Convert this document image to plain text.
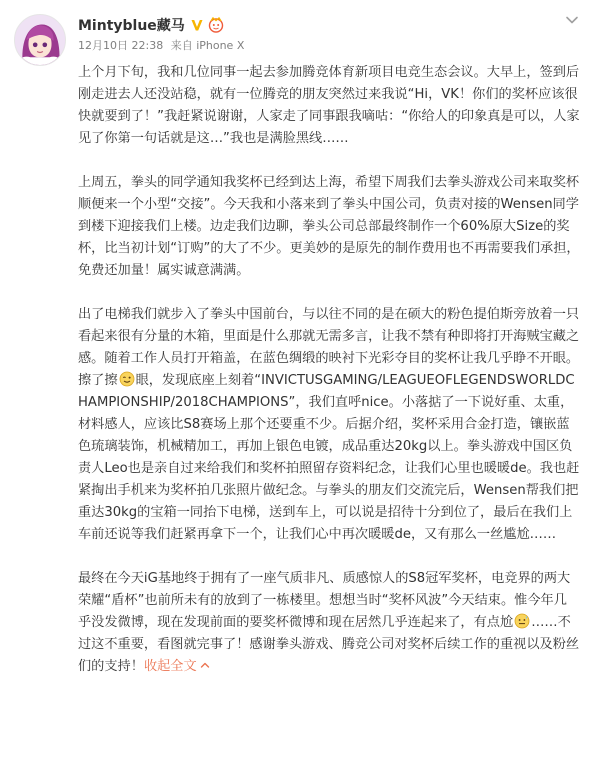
Mintyblue藏马
12月10日 22:38 来自 iPhone X

上个月下旬，我和几位同事一起去参加腾竞体育新项目电竞生态会议。大早上，签到后刚走进去人还没站稳，就有一位腾竞的朋友突然过来我说“Hi，VK！你们的奖杯应该很快就要到了！”我赶紧说谢谢，人家走了同事跟我嘀咕：“你给人的印象真是可以，人家见了你第一句话就是这…”我也是满脸黑线……

上周五，拳头的同学通知我奖杯已经到达上海，希望下周我们去拳头游戏公司来取奖杯顺便来一个小型“交接”。今天我和小落来到了拳头中国公司，负责对接的Wensen同学到楼下迎接我们上楼。边走我们边聊，拳头公司总部最终制作一个60%原大Size的奖杯，比当初计划“订购”的大了不少。更美妙的是原先的制作费用也不再需要我们承担，免费还加量！属实诚意满满。

出了电梯我们就步入了拳头中国前台，与以往不同的是在硕大的粉色提伯斯旁放着一只看起来很有分量的木箱，里面是什么那就无需多言，让我不禁有种即将打开海贼宝藏之感。随着工作人员打开箱盖，在蓝色绸缎的映衬下光彩夺目的奖杯让我几乎睁不开眼。擦了擦 眼，发现底座上刻着“INVICTUSGAMING/LEAGUEOFLEGENDSWORLDCHAMPIONSHIP/2018CHAMPIONS”，我们直呼nice。小落掂了一下说好重、太重，材料感人，应该比S8赛场上那个还要重不少。后据介绍，奖杯采用合金打造，镶嵌蓝色琉璃装饰，机械精加工，再加上银色电镀，成品重达20kg以上。拳头游戏中国区负责人Leo也是亲自过来给我们和奖杯拍照留存资料纪念，让我们心里也暖暖de。我也赶紧掏出手机来为奖杯拍几张照片做纪念。与拳头的朋友们交流完后，Wensen帮我们把重达30kg的宝箱一同抬下电梯，送到车上，可以说是招待十分到位了，最后在我们上车前还说等我们赶紧再拿下一个，让我们心中再次暖暖de，又有那么一丝尴尬……

最终在今天iG基地终于拥有了一座气质非凡、质感惊人的S8冠军奖杯，电竞界的两大荣耀“盾杯”也前所未有的放到了一栋楼里。想想当时“奖杯风波”今天结束。惟今年几乎没发微博，现在发现前面的要奖杯微博和现在居然几乎连起来了，有点尬 ……不过这不重要，看图就完事了！感谢拳头游戏、腾竞公司对奖杯后续工作的重视以及粉丝们的支持！收起全文
